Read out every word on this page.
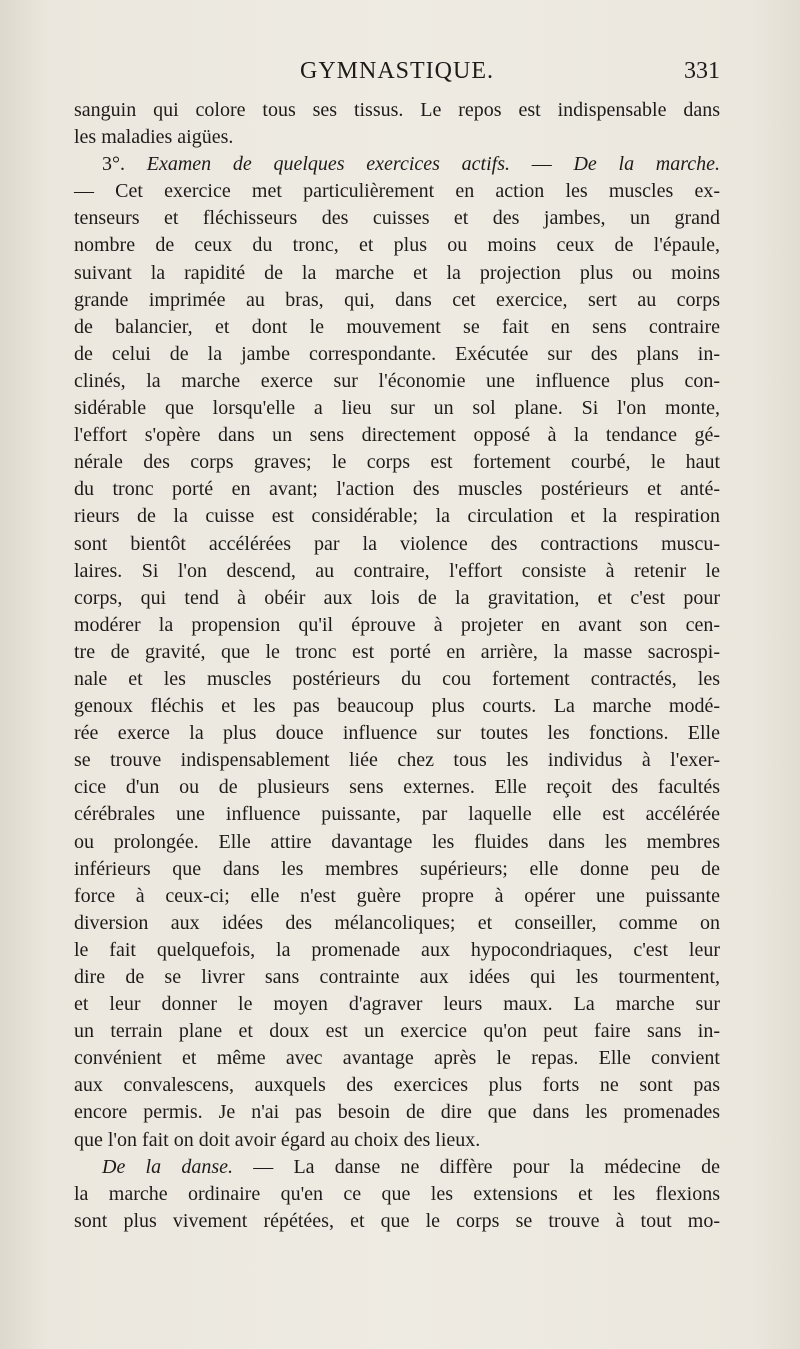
GYMNASTIQUE.	331
sanguin qui colore tous ses tissus. Le repos est indispensable dans
les maladies aigües.
3°. Examen de quelques exercices actifs. — De la marche.
— Cet exercice met particulièrement en action les muscles ex-
tenseurs et fléchisseurs des cuisses et des jambes, un grand
nombre de ceux du tronc, et plus ou moins ceux de l'épaule,
suivant la rapidité de la marche et la projection plus ou moins
grande imprimée au bras, qui, dans cet exercice, sert au corps
de balancier, et dont le mouvement se fait en sens contraire
de celui de la jambe correspondante. Exécutée sur des plans in-
clinés, la marche exerce sur l'économie une influence plus con-
sidérable que lorsqu'elle a lieu sur un sol plane. Si l'on monte,
l'effort s'opère dans un sens directement opposé à la tendance gé-
nérale des corps graves; le corps est fortement courbé, le haut
du tronc porté en avant; l'action des muscles postérieurs et anté-
rieurs de la cuisse est considérable; la circulation et la respiration
sont bientôt accélérées par la violence des contractions muscu-
laires. Si l'on descend, au contraire, l'effort consiste à retenir le
corps, qui tend à obéir aux lois de la gravitation, et c'est pour
modérer la propension qu'il éprouve à projeter en avant son cen-
tre de gravité, que le tronc est porté en arrière, la masse sacrospi-
nale et les muscles postérieurs du cou fortement contractés, les
genoux fléchis et les pas beaucoup plus courts. La marche modé-
rée exerce la plus douce influence sur toutes les fonctions. Elle
se trouve indispensablement liée chez tous les individus à l'exer-
cice d'un ou de plusieurs sens externes. Elle reçoit des facultés
cérébrales une influence puissante, par laquelle elle est accélérée
ou prolongée. Elle attire davantage les fluides dans les membres
inférieurs que dans les membres supérieurs; elle donne peu de
force à ceux-ci; elle n'est guère propre à opérer une puissante
diversion aux idées des mélancoliques; et conseiller, comme on
le fait quelquefois, la promenade aux hypocondriaques, c'est leur
dire de se livrer sans contrainte aux idées qui les tourmentent,
et leur donner le moyen d'agraver leurs maux. La marche sur
un terrain plane et doux est un exercice qu'on peut faire sans in-
convénient et même avec avantage après le repas. Elle convient
aux convalescens, auxquels des exercices plus forts ne sont pas
encore permis. Je n'ai pas besoin de dire que dans les promenades
que l'on fait on doit avoir égard au choix des lieux.
De la danse. — La danse ne diffère pour la médecine de
la marche ordinaire qu'en ce que les extensions et les flexions
sont plus vivement répétées, et que le corps se trouve à tout mo-
